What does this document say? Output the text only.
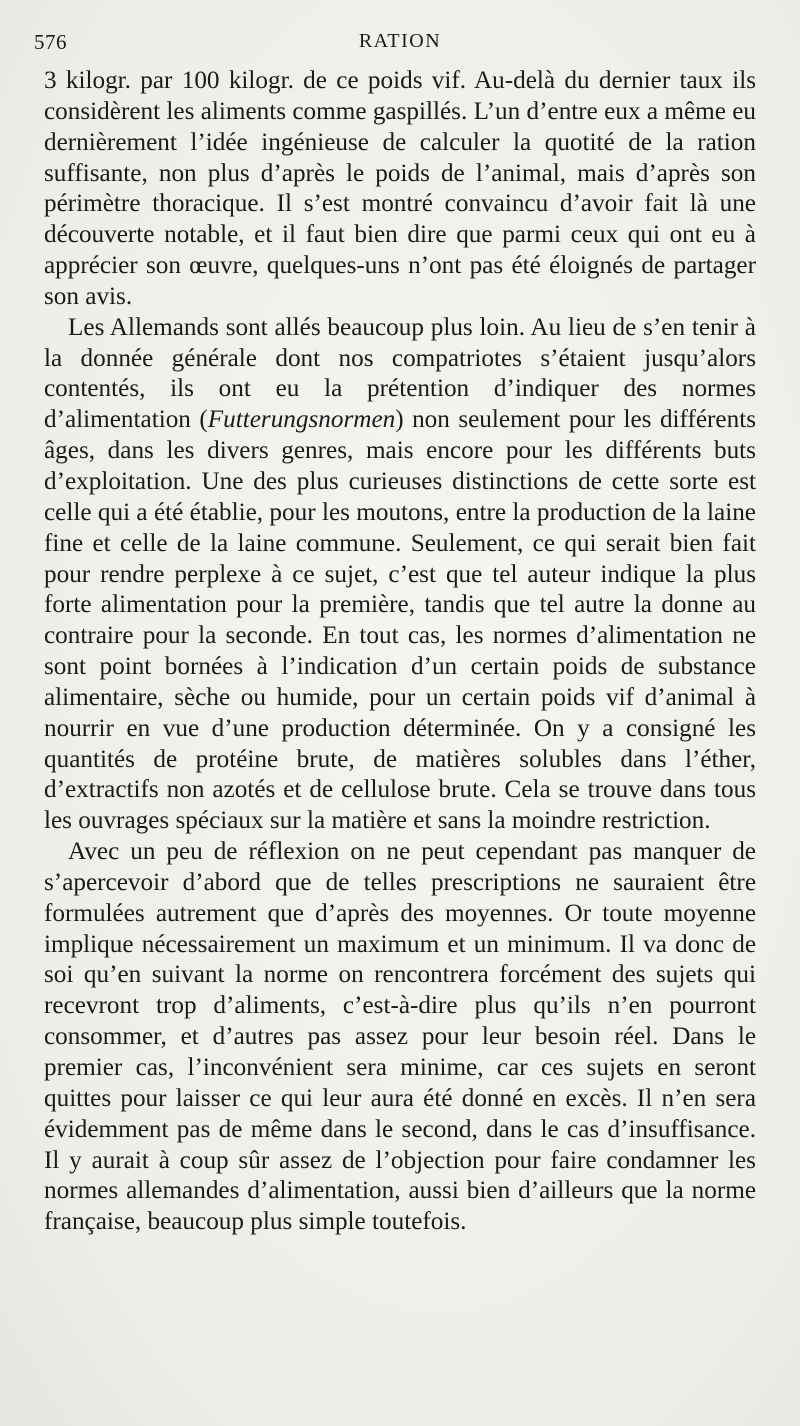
576	RATION

3 kilogr. par 100 kilogr. de ce poids vif. Au-delà du dernier taux ils considèrent les aliments comme gaspillés. L’un d’entre eux a même eu dernièrement l’idée ingénieuse de calculer la quotité de la ration suffisante, non plus d’après le poids de l’animal, mais d’après son périmètre thoracique. Il s’est montré convaincu d’avoir fait là une découverte notable, et il faut bien dire que parmi ceux qui ont eu à apprécier son œuvre, quelques-uns n’ont pas été éloignés de partager son avis.

Les Allemands sont allés beaucoup plus loin. Au lieu de s’en tenir à la donnée générale dont nos compatriotes s’étaient jusqu’alors contentés, ils ont eu la prétention d’indiquer des normes d’alimentation (Futterungsnormen) non seulement pour les différents âges, dans les divers genres, mais encore pour les différents buts d’exploitation. Une des plus curieuses distinctions de cette sorte est celle qui a été établie, pour les moutons, entre la production de la laine fine et celle de la laine commune. Seulement, ce qui serait bien fait pour rendre perplexe à ce sujet, c’est que tel auteur indique la plus forte alimentation pour la première, tandis que tel autre la donne au contraire pour la seconde. En tout cas, les normes d’alimentation ne sont point bornées à l’indication d’un certain poids de substance alimentaire, sèche ou humide, pour un certain poids vif d’animal à nourrir en vue d’une production déterminée. On y a consigné les quantités de protéine brute, de matières solubles dans l’éther, d’extractifs non azotés et de cellulose brute. Cela se trouve dans tous les ouvrages spéciaux sur la matière et sans la moindre restriction.

Avec un peu de réflexion on ne peut cependant pas manquer de s’apercevoir d’abord que de telles prescriptions ne sauraient être formulées autrement que d’après des moyennes. Or toute moyenne implique nécessairement un maximum et un minimum. Il va donc de soi qu’en suivant la norme on rencontrera forcément des sujets qui recevront trop d’aliments, c’est-à-dire plus qu’ils n’en pourront consommer, et d’autres pas assez pour leur besoin réel. Dans le premier cas, l’inconvénient sera minime, car ces sujets en seront quittes pour laisser ce qui leur aura été donné en excès. Il n’en sera évidemment pas de même dans le second, dans le cas d’insuffisance. Il y aurait à coup sûr assez de l’objection pour faire condamner les normes allemandes d’alimentation, aussi bien d’ailleurs que la norme française, beaucoup plus simple toutefois.
